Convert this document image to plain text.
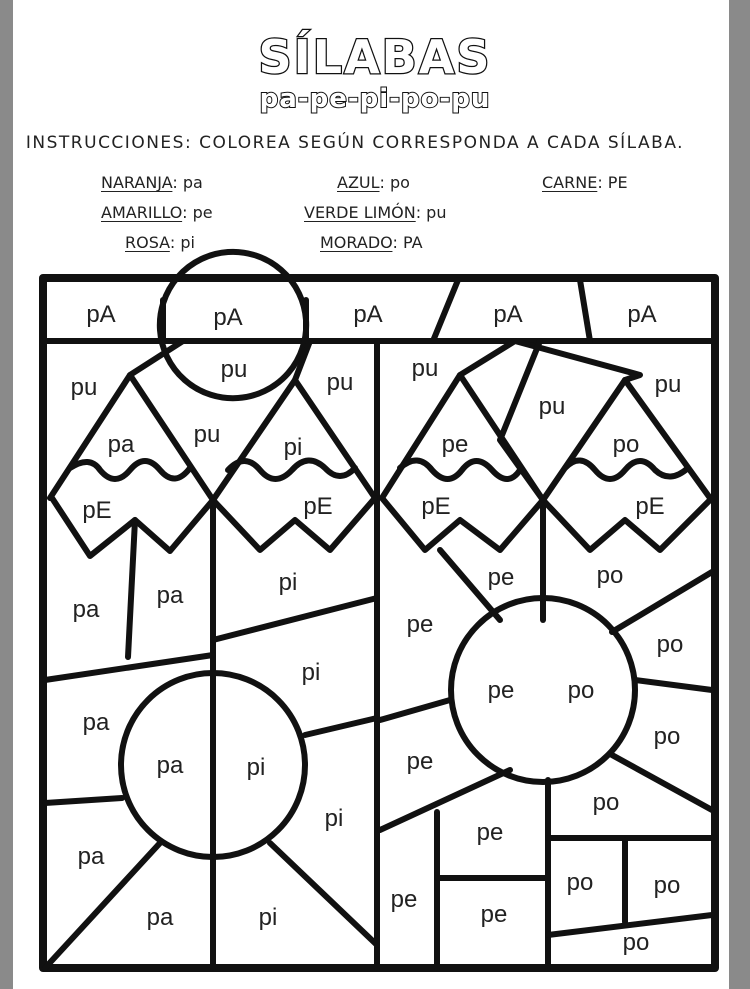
SÍLABAS
pa-pe-pi-po-pu
INSTRUCCIONES: COLOREA SEGÚN CORRESPONDA A CADA SÍLABA.
NARANJA: pa	AZUL: po	CARNE: PE
AMARILLO: pe	VERDE LIMÓN: pu
ROSA: pi	MORADO: PA
pA	pA	pA	pA	pA
pu
pu	pu
pu
pu
pu
pu
pa	pi	pe	po
pE	pE	pE	pE
pa
pa	pi	pe
pe
po
po
pi
pa
pa	pi
pe po
pe
po
pi
pe
pe
po
pa
pa	pi	pe
po	po
po
